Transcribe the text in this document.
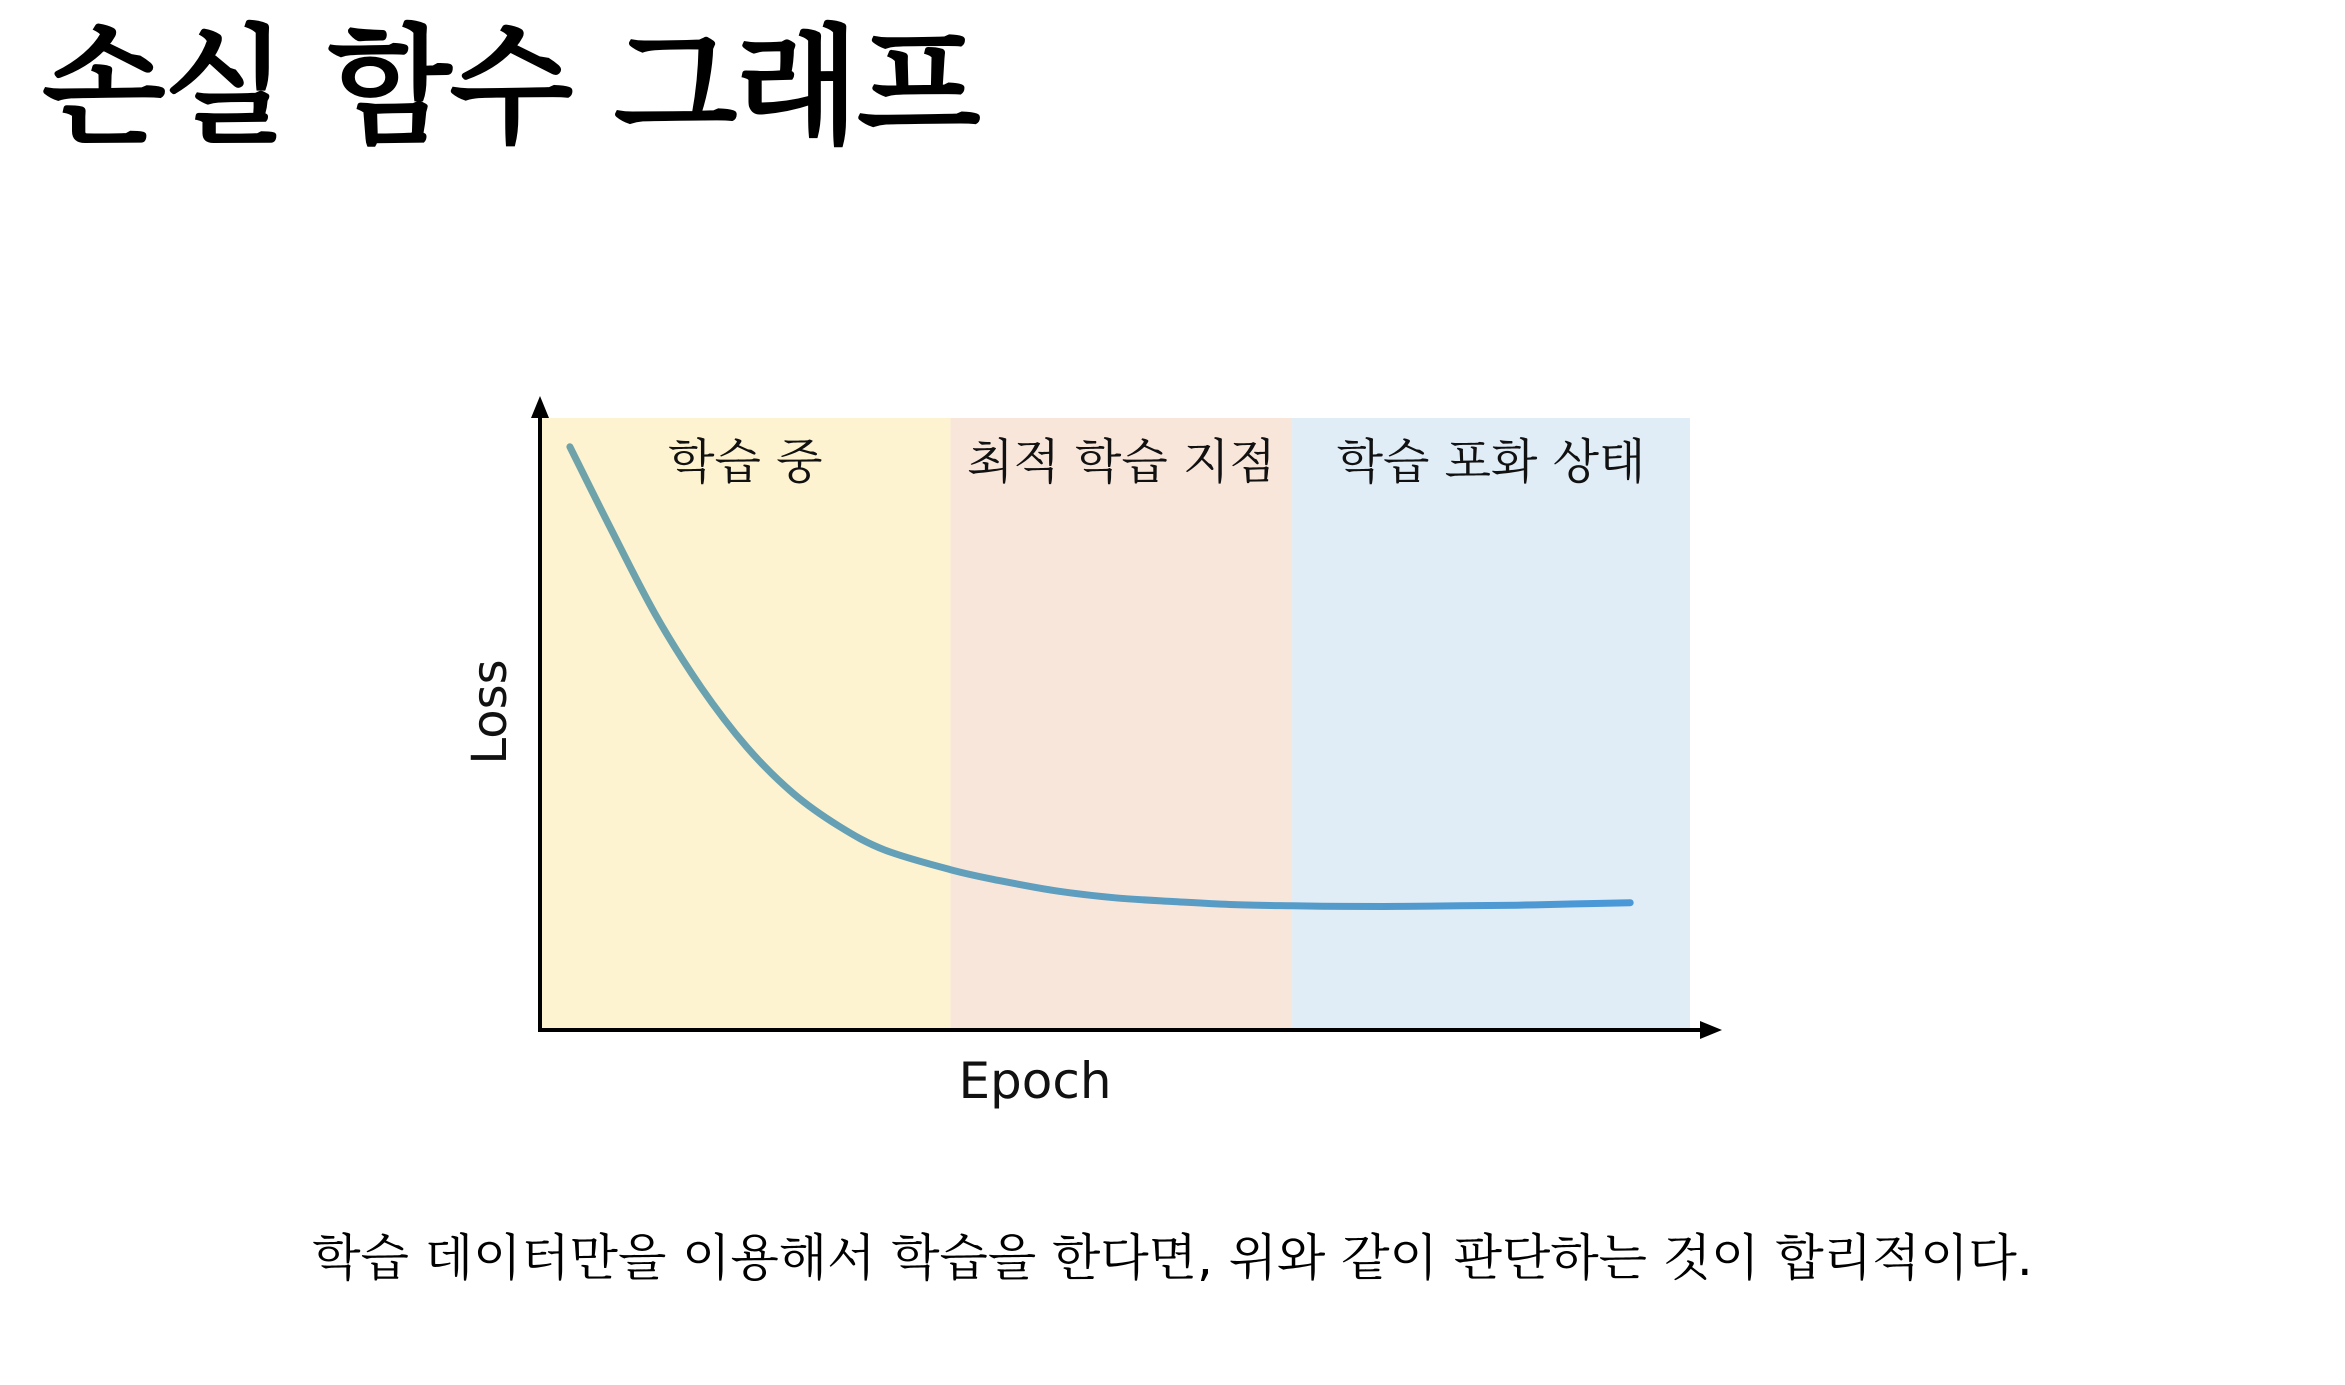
손실 함수 그래프
학습 중	최적 학습 지점 학습 포화 상태
Loss
Epoch

학습 데이터만을 이용해서 학습을 한다면, 위와 같이 판단하는 것이 합리적이다.
